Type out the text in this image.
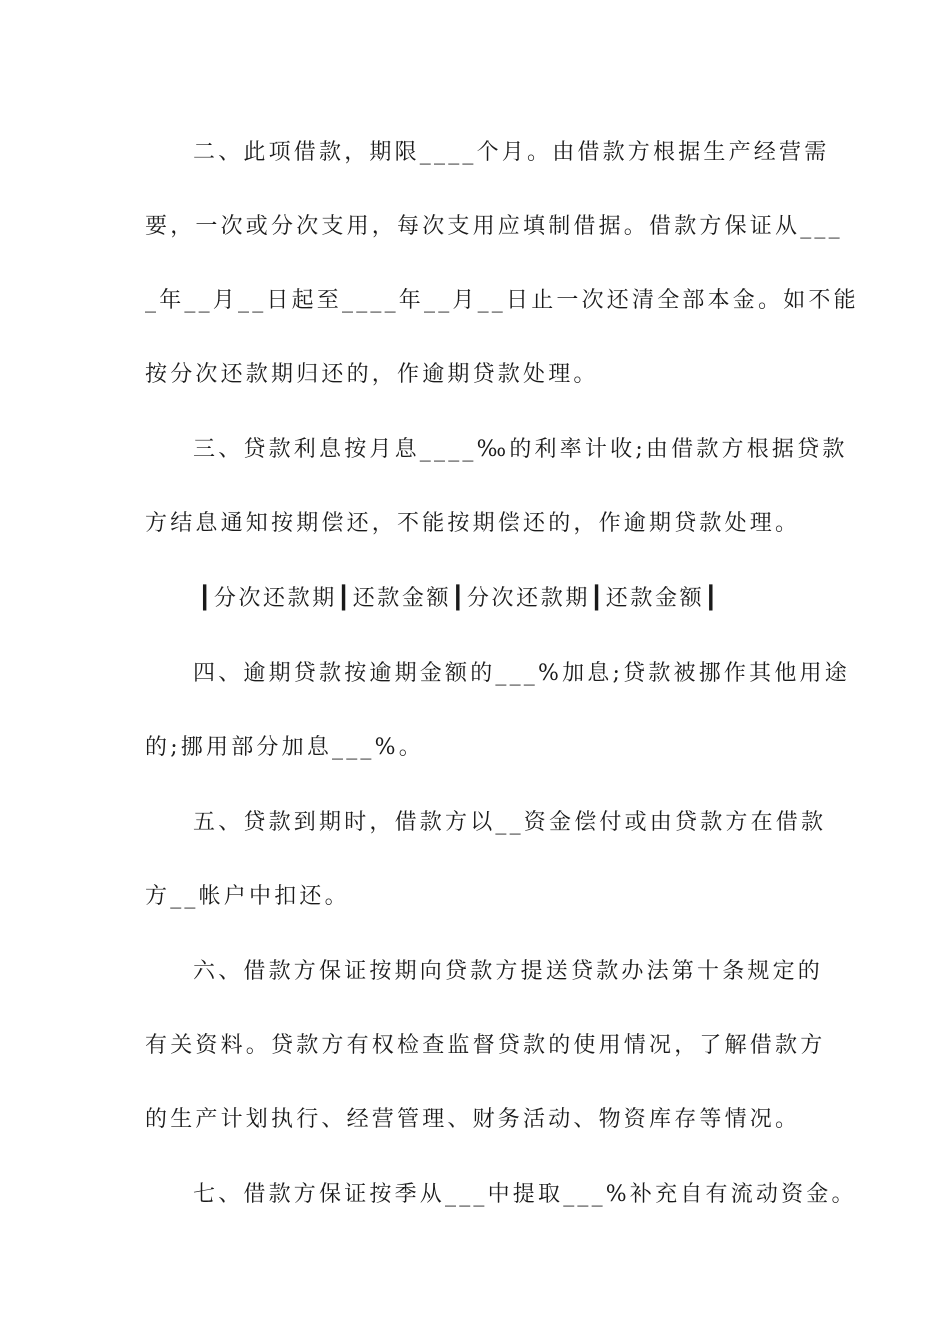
二、此项借款，期限____个月。由借款方根据生产经营需
要，一次或分次支用，每次支用应填制借据。借款方保证从___
_年__月__日起至____年__月__日止一次还清全部本金。如不能
按分次还款期归还的，作逾期贷款处理。
三、贷款利息按月息____‰的利率计收;由借款方根据贷款
方结息通知按期偿还，不能按期偿还的，作逾期贷款处理。
┃分次还款期┃还款金额┃分次还款期┃还款金额┃
四、逾期贷款按逾期金额的___%加息;贷款被挪作其他用途
的;挪用部分加息___%。
五、贷款到期时，借款方以__资金偿付或由贷款方在借款
方__帐户中扣还。
六、借款方保证按期向贷款方提送贷款办法第十条规定的
有关资料。贷款方有权检查监督贷款的使用情况，了解借款方
的生产计划执行、经营管理、财务活动、物资库存等情况。
七、借款方保证按季从___中提取___%补充自有流动资金。
